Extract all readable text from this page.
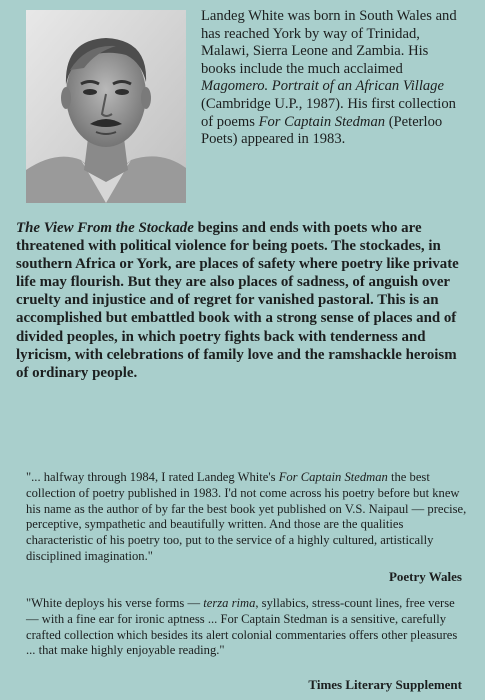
Landeg White was born in South Wales and has reached York by way of Trinidad, Malawi, Sierra Leone and Zambia. His books include the much acclaimed Magomero. Portrait of an African Village (Cambridge U.P., 1987). His first collection of poems For Captain Stedman (Peterloo Poets) appeared in 1983.
The View From the Stockade begins and ends with poets who are threatened with political violence for being poets. The stockades, in southern Africa or York, are places of safety where poetry like private life may flourish. But they are also places of sadness, of anguish over cruelty and injustice and of regret for vanished pastoral. This is an accomplished but embattled book with a strong sense of places and of divided peoples, in which poetry fights back with tenderness and lyricism, with celebrations of family love and the ramshackle heroism of ordinary people.
"... halfway through 1984, I rated Landeg White's For Captain Stedman the best collection of poetry published in 1983. I'd not come across his poetry before but knew his name as the author of by far the best book yet published on V.S. Naipaul — precise, perceptive, sympathetic and beautifully written. And those are the qualities characteristic of his poetry too, put to the service of a highly cultured, artistically disciplined imagination."
Poetry Wales
"White deploys his verse forms — terza rima, syllabics, stress-count lines, free verse — with a fine ear for ironic aptness ... For Captain Stedman is a sensitive, carefully crafted collection which besides its alert colonial commentaries offers other pleasures ... that make highly enjoyable reading."
Times Literary Supplement
